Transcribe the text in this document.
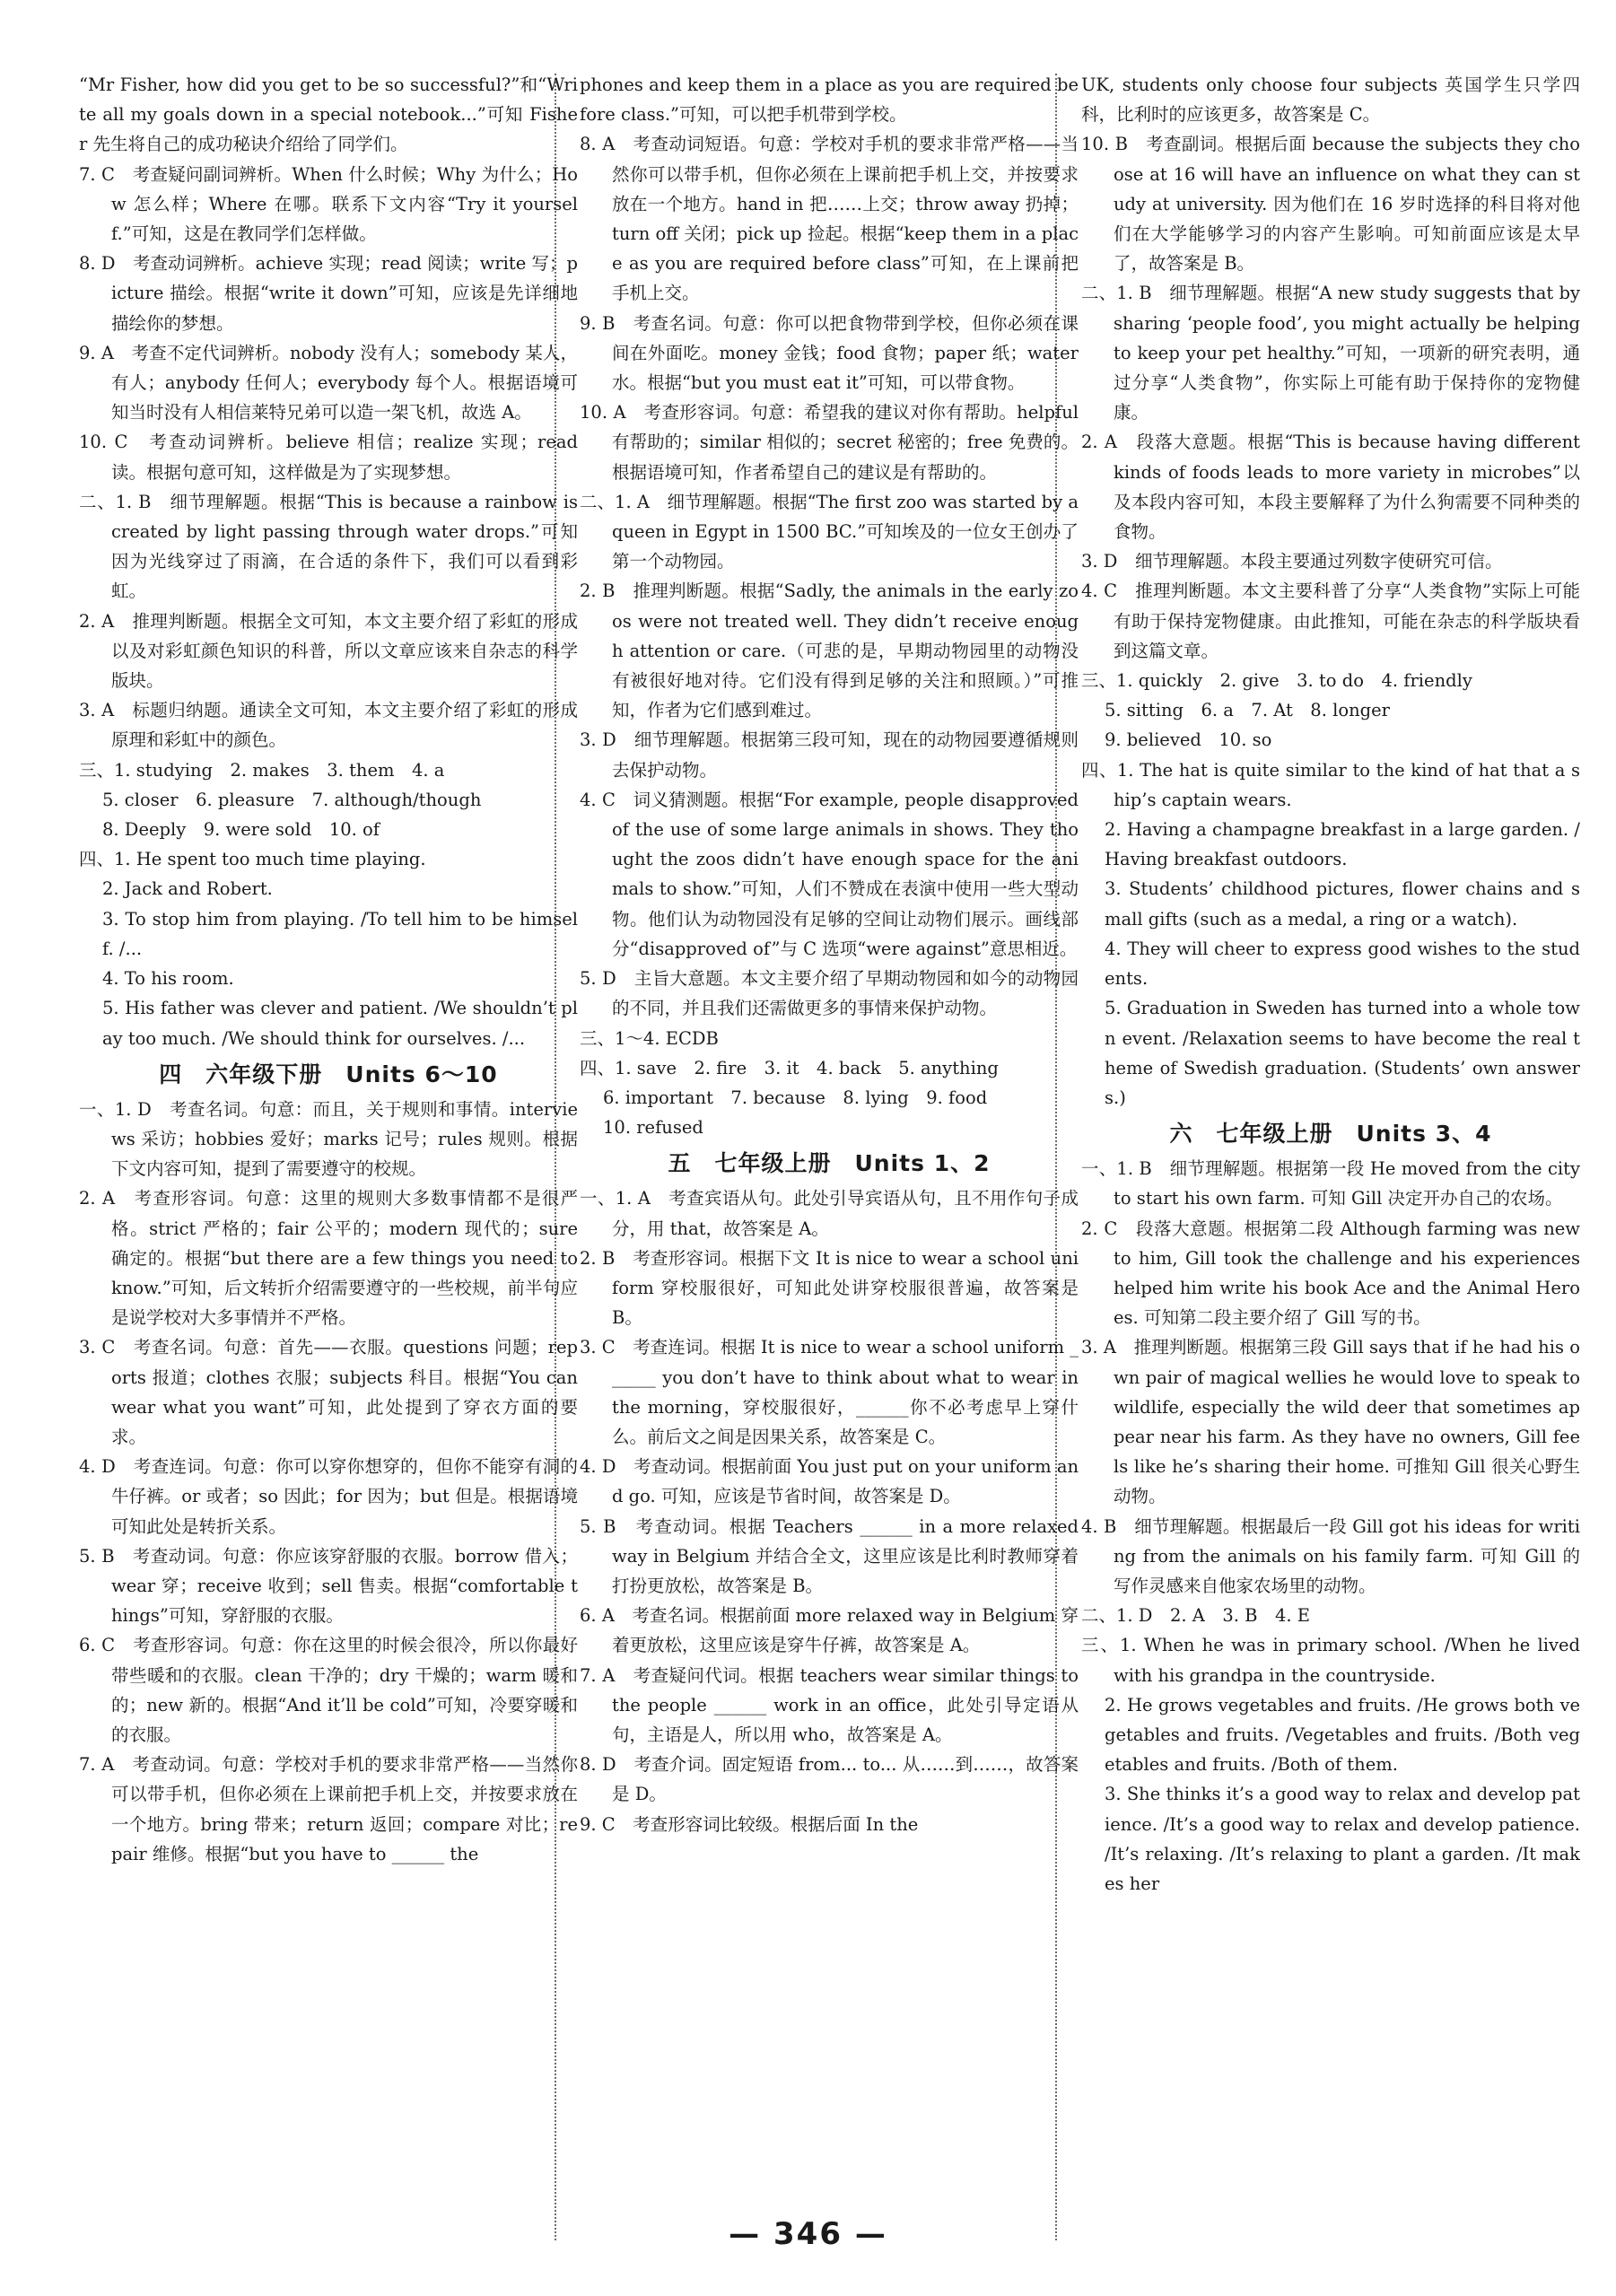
“Mr Fisher, how did you get to be so successful?”和“Write all my goals down in a special notebook...”可知 Fisher 先生将自己的成功秘诀介绍给了同学们。
7. C　考查疑问副词辨析。When 什么时候；Why 为什么；How 怎么样；Where 在哪。联系下文内容“Try it yourself.”可知，这是在教同学们怎样做。
8. D　考查动词辨析。achieve 实现；read 阅读；write 写；picture 描绘。根据“write it down”可知，应该是先详细地描绘你的梦想。
9. A　考查不定代词辨析。nobody 没有人；somebody 某人，有人；anybody 任何人；everybody 每个人。根据语境可知当时没有人相信莱特兄弟可以造一架飞机，故选 A。
10. C　考查动词辨析。believe 相信；realize 实现；read 读。根据句意可知，这样做是为了实现梦想。
二、1. B　细节理解题。根据“This is because a rainbow is created by light passing through water drops.”可知因为光线穿过了雨滴，在合适的条件下，我们可以看到彩虹。
2. A　推理判断题。根据全文可知，本文主要介绍了彩虹的形成以及对彩虹颜色知识的科普，所以文章应该来自杂志的科学版块。
3. A　标题归纳题。通读全文可知，本文主要介绍了彩虹的形成原理和彩虹中的颜色。
三、1. studying　2. makes　3. them　4. a
5. closer　6. pleasure　7. although/though
8. Deeply　9. were sold　10. of
四、1. He spent too much time playing.
2. Jack and Robert.
3. To stop him from playing. /To tell him to be himself. /...
4. To his room.
5. His father was clever and patient. /We shouldn’t play too much. /We should think for ourselves. /...
四　六年级下册　Units 6～10
一、1. D　考查名词。句意：而且，关于规则和事情。interviews 采访；hobbies 爱好；marks 记号；rules 规则。根据下文内容可知，提到了需要遵守的校规。
2. A　考查形容词。句意：这里的规则大多数事情都不是很严格。strict 严格的；fair 公平的；modern 现代的；sure 确定的。根据“but there are a few things you need to know.”可知，后文转折介绍需要遵守的一些校规，前半句应是说学校对大多事情并不严格。
3. C　考查名词。句意：首先——衣服。questions 问题；reports 报道；clothes 衣服；subjects 科目。根据“You can wear what you want”可知，此处提到了穿衣方面的要求。
4. D　考查连词。句意：你可以穿你想穿的，但你不能穿有洞的牛仔裤。or 或者；so 因此；for 因为；but 但是。根据语境可知此处是转折关系。
5. B　考查动词。句意：你应该穿舒服的衣服。borrow 借入；wear 穿；receive 收到；sell 售卖。根据“comfortable things”可知，穿舒服的衣服。
6. C　考查形容词。句意：你在这里的时候会很冷，所以你最好带些暖和的衣服。clean 干净的；dry 干燥的；warm 暖和的；new 新的。根据“And it’ll be cold”可知，冷要穿暖和的衣服。
7. A　考查动词。句意：学校对手机的要求非常严格——当然你可以带手机，但你必须在上课前把手机上交，并按要求放在一个地方。bring 带来；return 返回；compare 对比；repair 维修。根据“but you have to ______ the
phones and keep them in a place as you are required before class.”可知，可以把手机带到学校。
8. A　考查动词短语。句意：学校对手机的要求非常严格——当然你可以带手机，但你必须在上课前把手机上交，并按要求放在一个地方。hand in 把……上交；throw away 扔掉；turn off 关闭；pick up 捡起。根据“keep them in a place as you are required before class”可知，在上课前把手机上交。
9. B　考查名词。句意：你可以把食物带到学校，但你必须在课间在外面吃。money 金钱；food 食物；paper 纸；water 水。根据“but you must eat it”可知，可以带食物。
10. A　考查形容词。句意：希望我的建议对你有帮助。helpful 有帮助的；similar 相似的；secret 秘密的；free 免费的。根据语境可知，作者希望自己的建议是有帮助的。
二、1. A　细节理解题。根据“The first zoo was started by a queen in Egypt in 1500 BC.”可知埃及的一位女王创办了第一个动物园。
2. B　推理判断题。根据“Sadly, the animals in the early zoos were not treated well. They didn’t receive enough attention or care.（可悲的是，早期动物园里的动物没有被很好地对待。它们没有得到足够的关注和照顾。）”可推知，作者为它们感到难过。
3. D　细节理解题。根据第三段可知，现在的动物园要遵循规则去保护动物。
4. C　词义猜测题。根据“For example, people disapproved of the use of some large animals in shows. They thought the zoos didn’t have enough space for the animals to show.”可知，人们不赞成在表演中使用一些大型动物。他们认为动物园没有足够的空间让动物们展示。画线部分“disapproved of”与 C 选项“were against”意思相近。
5. D　主旨大意题。本文主要介绍了早期动物园和如今的动物园的不同，并且我们还需做更多的事情来保护动物。
三、1～4. ECDB
四、1. save　2. fire　3. it　4. back　5. anything
6. important　7. because　8. lying　9. food
10. refused
五　七年级上册　Units 1、2
一、1. A　考查宾语从句。此处引导宾语从句，且不用作句子成分，用 that，故答案是 A。
2. B　考查形容词。根据下文 It is nice to wear a school uniform 穿校服很好，可知此处讲穿校服很普遍，故答案是 B。
3. C　考查连词。根据 It is nice to wear a school uniform ______ you don’t have to think about what to wear in the morning，穿校服很好，______你不必考虑早上穿什么。前后文之间是因果关系，故答案是 C。
4. D　考查动词。根据前面 You just put on your uniform and go. 可知，应该是节省时间，故答案是 D。
5. B　考查动词。根据 Teachers ______ in a more relaxed way in Belgium 并结合全文，这里应该是比利时教师穿着打扮更放松，故答案是 B。
6. A　考查名词。根据前面 more relaxed way in Belgium 穿着更放松，这里应该是穿牛仔裤，故答案是 A。
7. A　考查疑问代词。根据 teachers wear similar things to the people ______ work in an office，此处引导定语从句，主语是人，所以用 who，故答案是 A。
8. D　考查介词。固定短语 from... to... 从……到……，故答案是 D。
9. C　考查形容词比较级。根据后面 In the
UK, students only choose four subjects 英国学生只学四科，比利时的应该更多，故答案是 C。
10. B　考查副词。根据后面 because the subjects they choose at 16 will have an influence on what they can study at university. 因为他们在 16 岁时选择的科目将对他们在大学能够学习的内容产生影响。可知前面应该是太早了，故答案是 B。
二、1. B　细节理解题。根据“A new study suggests that by sharing ‘people food’, you might actually be helping to keep your pet healthy.”可知，一项新的研究表明，通过分享“人类食物”，你实际上可能有助于保持你的宠物健康。
2. A　段落大意题。根据“This is because having different kinds of foods leads to more variety in microbes”以及本段内容可知，本段主要解释了为什么狗需要不同种类的食物。
3. D　细节理解题。本段主要通过列数字使研究可信。
4. C　推理判断题。本文主要科普了分享“人类食物”实际上可能有助于保持宠物健康。由此推知，可能在杂志的科学版块看到这篇文章。
三、1. quickly　2. give　3. to do　4. friendly
5. sitting　6. a　7. At　8. longer
9. believed　10. so
四、1. The hat is quite similar to the kind of hat that a ship’s captain wears.
2. Having a champagne breakfast in a large garden. /Having breakfast outdoors.
3. Students’ childhood pictures, flower chains and small gifts (such as a medal, a ring or a watch).
4. They will cheer to express good wishes to the students.
5. Graduation in Sweden has turned into a whole town event. /Relaxation seems to have become the real theme of Swedish graduation. (Students’ own answers.)
六　七年级上册　Units 3、4
一、1. B　细节理解题。根据第一段 He moved from the city to start his own farm. 可知 Gill 决定开办自己的农场。
2. C　段落大意题。根据第二段 Although farming was new to him, Gill took the challenge and his experiences helped him write his book Ace and the Animal Heroes. 可知第二段主要介绍了 Gill 写的书。
3. A　推理判断题。根据第三段 Gill says that if he had his own pair of magical wellies he would love to speak to wildlife, especially the wild deer that sometimes appear near his farm. As they have no owners, Gill feels like he’s sharing their home. 可推知 Gill 很关心野生动物。
4. B　细节理解题。根据最后一段 Gill got his ideas for writing from the animals on his family farm. 可知 Gill 的写作灵感来自他家农场里的动物。
二、1. D　2. A　3. B　4. E
三、1. When he was in primary school. /When he lived with his grandpa in the countryside.
2. He grows vegetables and fruits. /He grows both vegetables and fruits. /Vegetables and fruits. /Both vegetables and fruits. /Both of them.
3. She thinks it’s a good way to relax and develop patience. /It’s a good way to relax and develop patience. /It’s relaxing. /It’s relaxing to plant a garden. /It makes her
— 346 —
